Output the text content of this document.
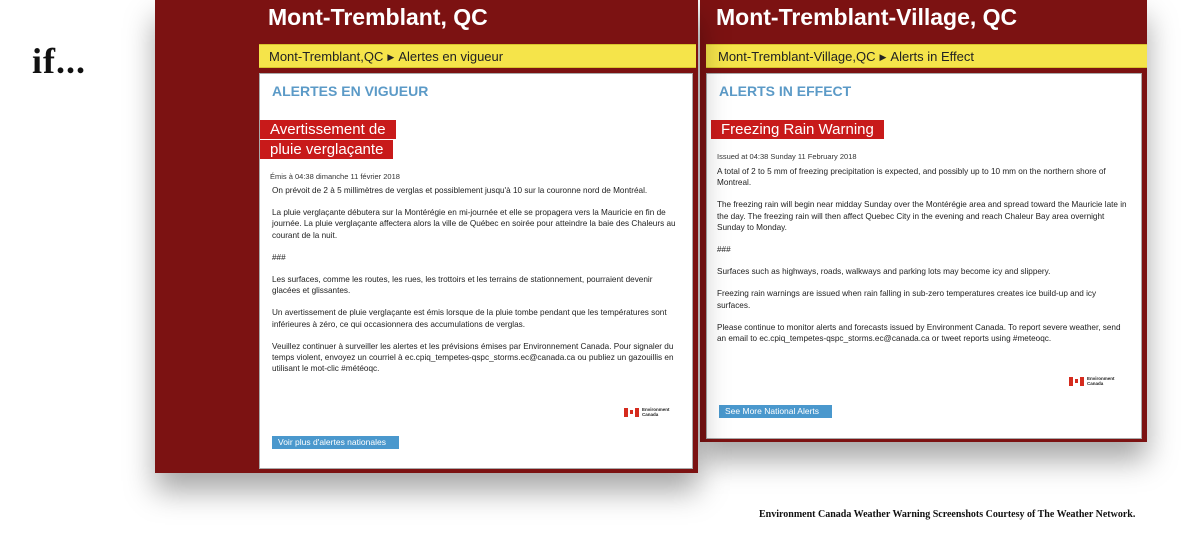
if...
Mont-Tremblant, QC
Mont-Tremblant,QC ▶ Alertes en vigueur
ALERTES EN VIGUEUR
Avertissement de pluie verglaçante
Émis à 04:38 dimanche 11 février 2018

On prévoit de 2 à 5 millimètres de verglas et possiblement jusqu'à 10 sur la couronne nord de Montréal.

La pluie verglaçante débutera sur la Montérégie en mi-journée et elle se propagera vers la Mauricie en fin de journée. La pluie verglaçante affectera alors la ville de Québec en soirée pour atteindre la baie des Chaleurs au courant de la nuit.

###

Les surfaces, comme les routes, les rues, les trottoirs et les terrains de stationnement, pourraient devenir glacées et glissantes.

Un avertissement de pluie verglaçante est émis lorsque de la pluie tombe pendant que les températures sont inférieures à zéro, ce qui occasionnera des accumulations de verglas.

Veuillez continuer à surveiller les alertes et les prévisions émises par Environnement Canada. Pour signaler du temps violent, envoyez un courriel à ec.cpiq_tempetes-qspc_storms.ec@canada.ca ou publiez un gazouillis en utilisant le mot-clic #météoqc.

Environment
Canada
Voir plus d'alertes nationales
Mont-Tremblant-Village, QC
Mont-Tremblant-Village,QC ▶ Alerts in Effect
ALERTS IN EFFECT
Freezing Rain Warning
Issued at 04:38 Sunday 11 February 2018

A total of 2 to 5 mm of freezing precipitation is expected, and possibly up to 10 mm on the northern shore of Montreal.

The freezing rain will begin near midday Sunday over the Montérégie area and spread toward the Mauricie late in the day. The freezing rain will then affect Quebec City in the evening and reach Chaleur Bay area overnight Sunday to Monday.

###

Surfaces such as highways, roads, walkways and parking lots may become icy and slippery.

Freezing rain warnings are issued when rain falling in sub-zero temperatures creates ice build-up and icy surfaces.

Please continue to monitor alerts and forecasts issued by Environment Canada. To report severe weather, send an email to ec.cpiq_tempetes-qspc_storms.ec@canada.ca or tweet reports using #meteoqc.

Environment
Canada
See More National Alerts
Environment Canada Weather Warning Screenshots Courtesy of The Weather Network.
